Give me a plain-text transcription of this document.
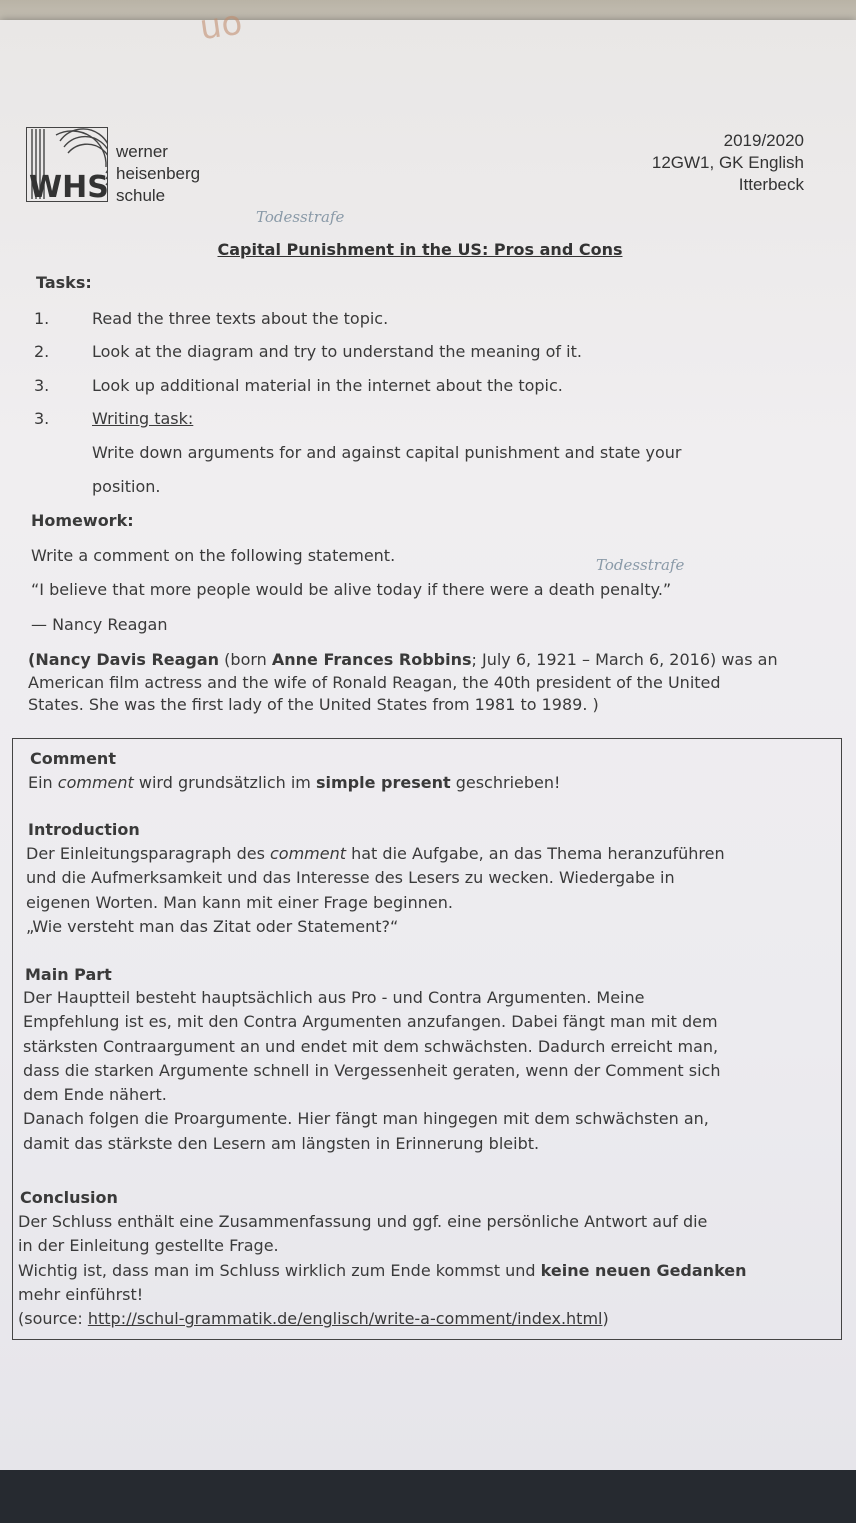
uo
WHS
werner
heisenberg
schule
2019/2020
12GW1, GK English
Itterbeck
Todesstrafe
Capital Punishment in the US: Pros and Cons
Tasks:
1.	Read the three texts about the topic.
2.	Look at the diagram and try to understand the meaning of it.
3.	Look up additional material in the internet about the topic.
3.	Writing task:
Write down arguments for and against capital punishment and state your
position.
Homework:
Write a comment on the following statement.	Todesstrafe
“I believe that more people would be alive today if there were a death penalty.”
— Nancy Reagan
(Nancy Davis Reagan (born Anne Frances Robbins; July 6, 1921 – March 6, 2016) was an
American film actress and the wife of Ronald Reagan, the 40th president of the United
States. She was the first lady of the United States from 1981 to 1989. )
Comment
Ein comment wird grundsätzlich im simple present geschrieben!
Introduction
Der Einleitungsparagraph des comment hat die Aufgabe, an das Thema heranzuführen
und die Aufmerksamkeit und das Interesse des Lesers zu wecken. Wiedergabe in
eigenen Worten. Man kann mit einer Frage beginnen.
„Wie versteht man das Zitat oder Statement?“
Main Part
Der Hauptteil besteht hauptsächlich aus Pro - und Contra Argumenten. Meine
Empfehlung ist es, mit den Contra Argumenten anzufangen. Dabei fängt man mit dem
stärksten Contraargument an und endet mit dem schwächsten. Dadurch erreicht man,
dass die starken Argumente schnell in Vergessenheit geraten, wenn der Comment sich
dem Ende nähert.
Danach folgen die Proargumente. Hier fängt man hingegen mit dem schwächsten an,
damit das stärkste den Lesern am längsten in Erinnerung bleibt.
Conclusion
Der Schluss enthält eine Zusammenfassung und ggf. eine persönliche Antwort auf die
in der Einleitung gestellte Frage.
Wichtig ist, dass man im Schluss wirklich zum Ende kommst und keine neuen Gedanken
mehr einführst!
(source: http://schul-grammatik.de/englisch/write-a-comment/index.html)
